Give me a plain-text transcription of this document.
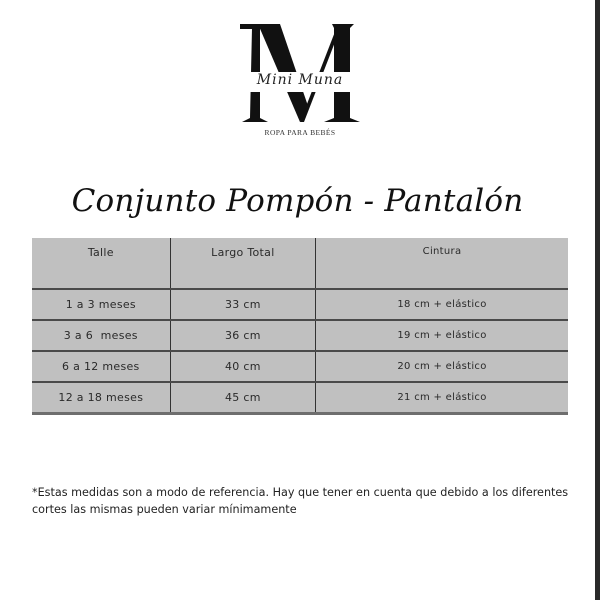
Mini Muna
ROPA PARA BEBÉS
Conjunto Pompón - Pantalón
Talle	Largo Total	Cintura
1 a 3 meses	33 cm	18 cm + elástico
3 a 6  meses	36 cm	19 cm + elástico
6 a 12 meses	40 cm	20 cm + elástico
12 a 18 meses	45 cm	21 cm + elástico
*Estas medidas son a modo de referencia. Hay que tener en cuenta que debido a los diferentes
cortes las mismas pueden variar mínimamente
